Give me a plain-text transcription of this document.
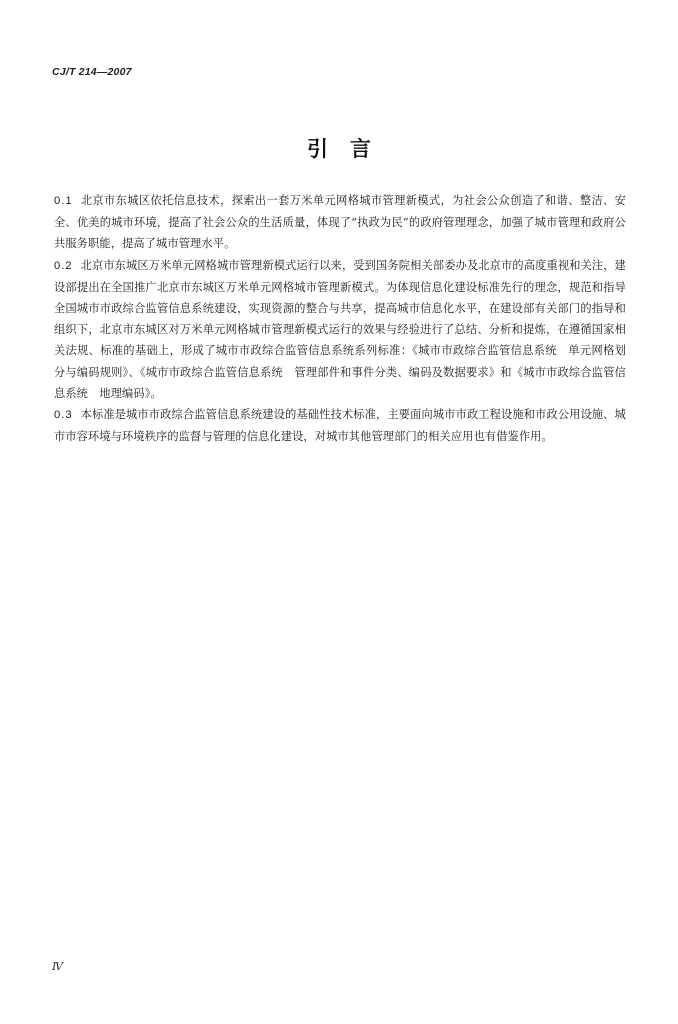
CJ/T 214—2007
引言

0.1 北京市东城区依托信息技术，探索出一套万米单元网格城市管理新模式，为社会公众创造了和谐、整洁、安全、优美的城市环境，提高了社会公众的生活质量，体现了“执政为民”的政府管理理念，加强了城市管理和政府公共服务职能，提高了城市管理水平。

0.2 北京市东城区万米单元网格城市管理新模式运行以来，受到国务院相关部委办及北京市的高度重视和关注，建设部提出在全国推广北京市东城区万米单元网格城市管理新模式。为体现信息化建设标准先行的理念，规范和指导全国城市市政综合监管信息系统建设，实现资源的整合与共享，提高城市信息化水平，在建设部有关部门的指导和组织下，北京市东城区对万米单元网格城市管理新模式运行的效果与经验进行了总结、分析和提炼，在遵循国家相关法规、标准的基础上，形成了城市市政综合监管信息系统系列标准：《城市市政综合监管信息系统　单元网格划分与编码规则》、《城市市政综合监管信息系统　管理部件和事件分类、编码及数据要求》和《城市市政综合监管信息系统　地理编码》。

0.3 本标准是城市市政综合监管信息系统建设的基础性技术标准，主要面向城市市政工程设施和市政公用设施、城市市容环境与环境秩序的监督与管理的信息化建设，对城市其他管理部门的相关应用也有借鉴作用。

Ⅳ
